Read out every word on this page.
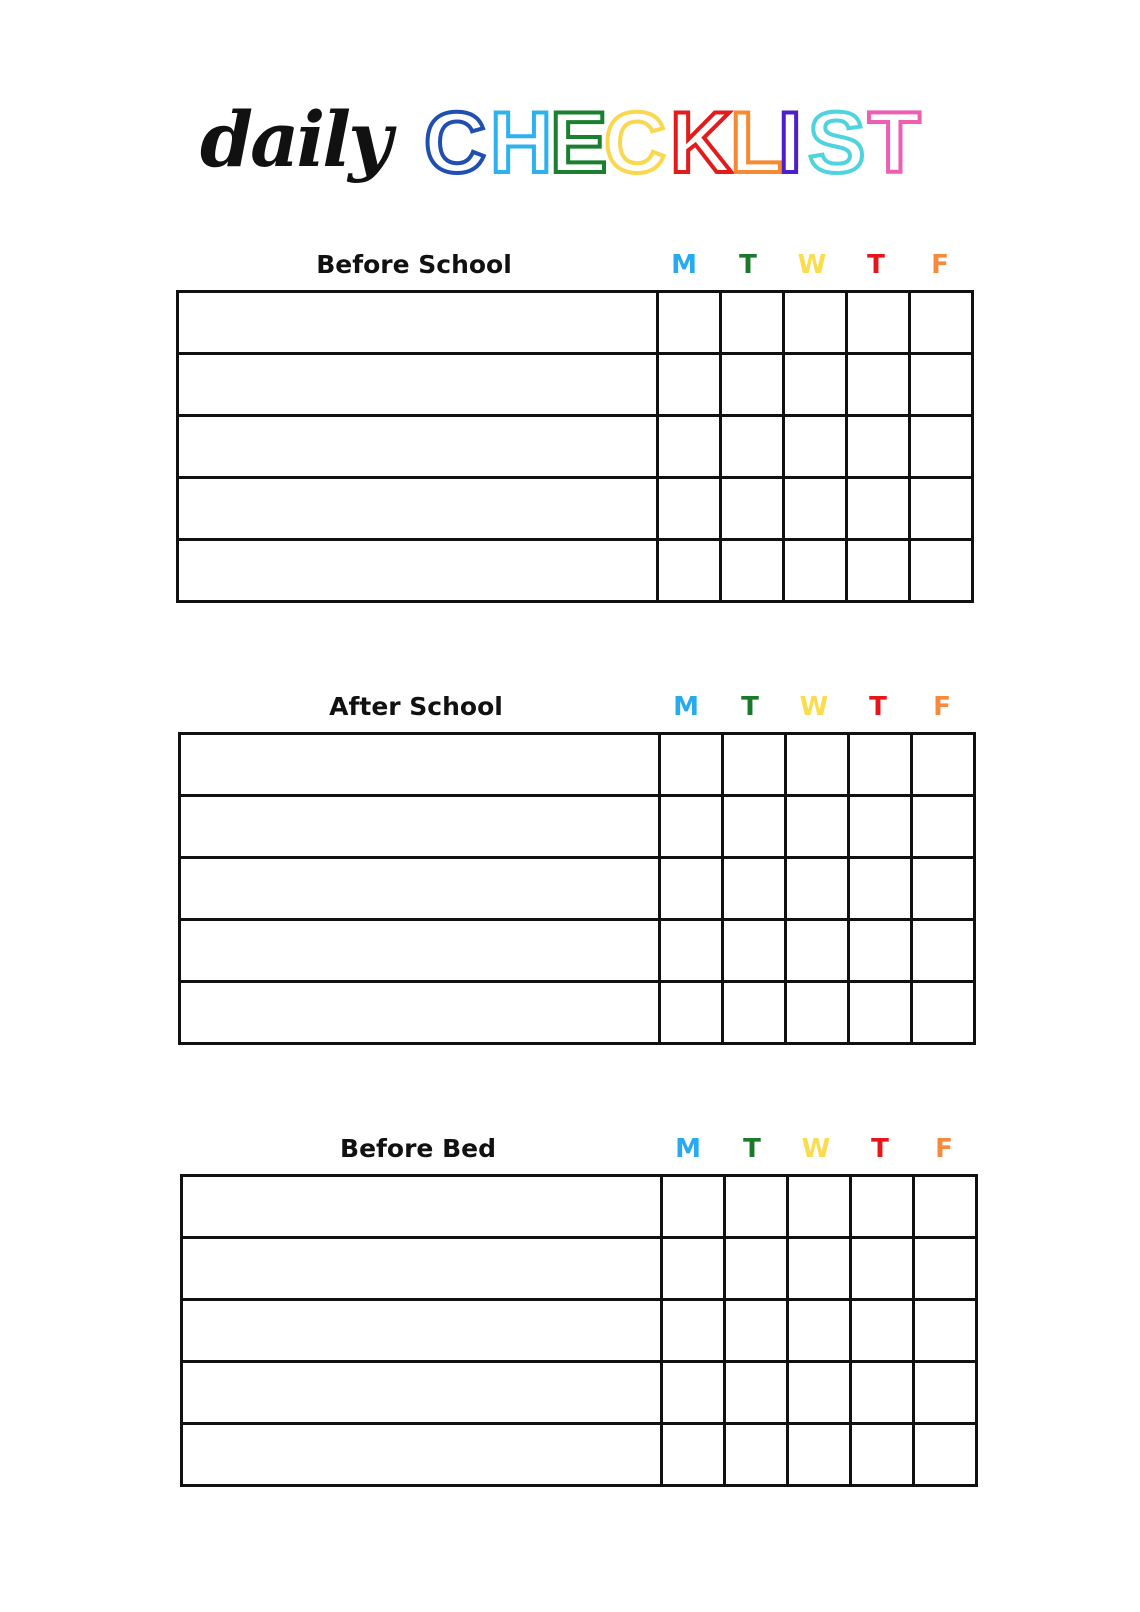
daily C H
E
C K
L
I S T
Before School	M	T	W	T	F

After School	M	T	W	T	F

Before Bed	M	T	W	T	F
